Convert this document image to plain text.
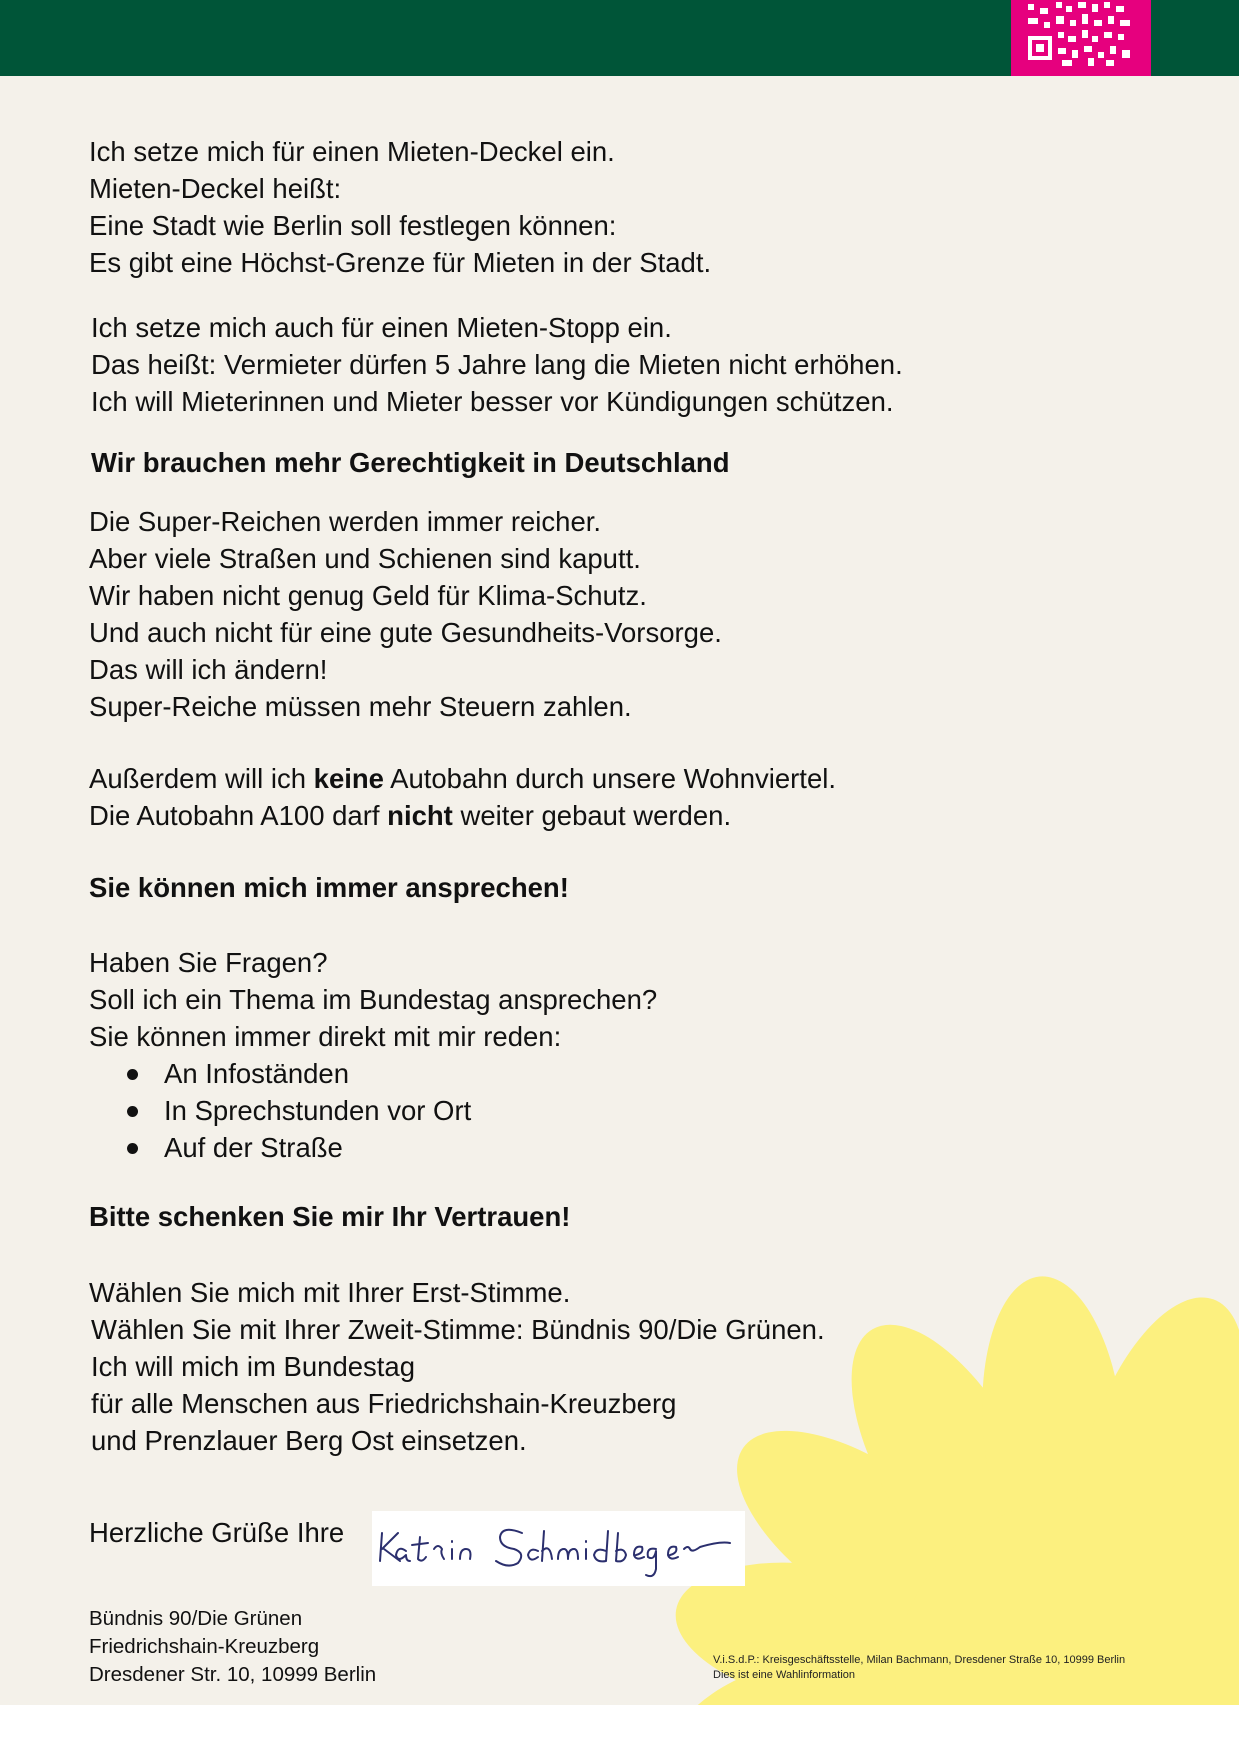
Ich setze mich für einen Mieten-Deckel ein.
Mieten-Deckel heißt:
Eine Stadt wie Berlin soll festlegen können:
Es gibt eine Höchst-Grenze für Mieten in der Stadt.
Ich setze mich auch für einen Mieten-Stopp ein.
Das heißt: Vermieter dürfen 5 Jahre lang die Mieten nicht erhöhen.
Ich will Mieterinnen und Mieter besser vor Kündigungen schützen.
Wir brauchen mehr Gerechtigkeit in Deutschland
Die Super-Reichen werden immer reicher.
Aber viele Straßen und Schienen sind kaputt.
Wir haben nicht genug Geld für Klima-Schutz.
Und auch nicht für eine gute Gesundheits-Vorsorge.
Das will ich ändern!
Super-Reiche müssen mehr Steuern zahlen.
Außerdem will ich keine Autobahn durch unsere Wohnviertel.
Die Autobahn A100 darf nicht weiter gebaut werden.
Sie können mich immer ansprechen!
Haben Sie Fragen?
Soll ich ein Thema im Bundestag ansprechen?
Sie können immer direkt mit mir reden:
An Infoständen
In Sprechstunden vor Ort
Auf der Straße
Bitte schenken Sie mir Ihr Vertrauen!
Wählen Sie mich mit Ihrer Erst-Stimme.
Wählen Sie mit Ihrer Zweit-Stimme: Bündnis 90/Die Grünen.
Ich will mich im Bundestag
für alle Menschen aus Friedrichshain-Kreuzberg
und Prenzlauer Berg Ost einsetzen.
Herzliche Grüße Ihre
Bündnis 90/Die Grünen
Friedrichshain-Kreuzberg
Dresdener Str. 10, 10999 Berlin
V.i.S.d.P.: Kreisgeschäftsstelle, Milan Bachmann, Dresdener Straße 10, 10999 Berlin
Dies ist eine Wahlinformation
